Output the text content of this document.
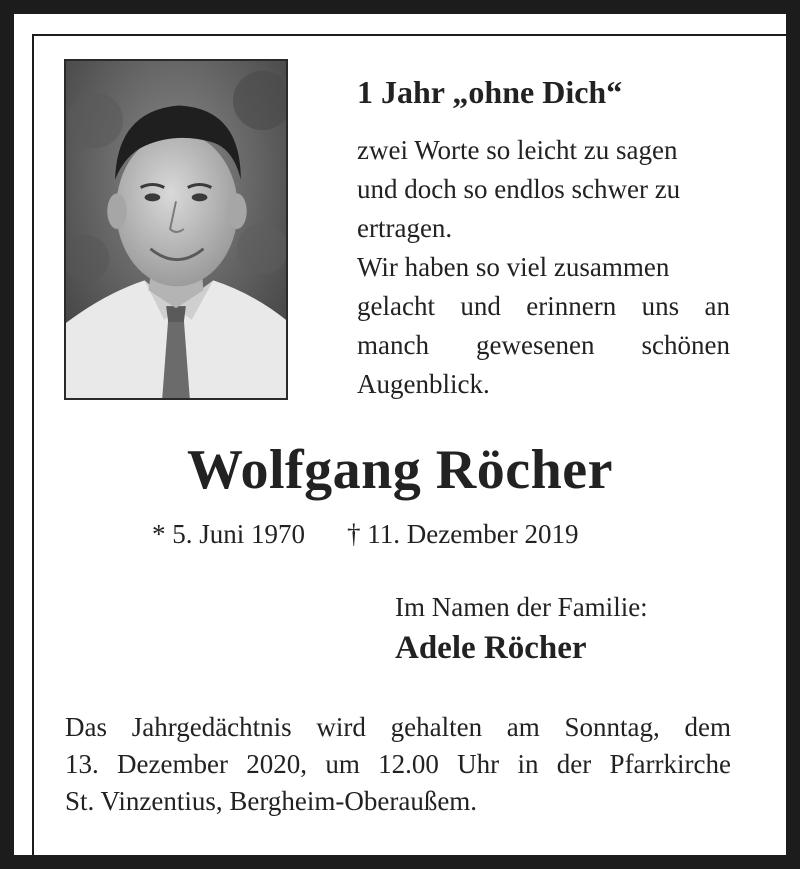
1 Jahr „ohne Dich“
zwei Worte so leicht zu sagen
und doch so endlos schwer zu
ertragen.
Wir haben so viel zusammen
gelacht und erinnern uns an
manch gewesenen schönen
Augenblick.
Wolfgang Röcher
* 5. Juni 1970 † 11. Dezember 2019
Im Namen der Familie:
Adele Röcher
Das Jahrgedächtnis wird gehalten am Sonntag, dem
13. Dezember 2020, um 12.00 Uhr in der Pfarrkirche
St. Vinzentius, Bergheim-Oberaußem.
